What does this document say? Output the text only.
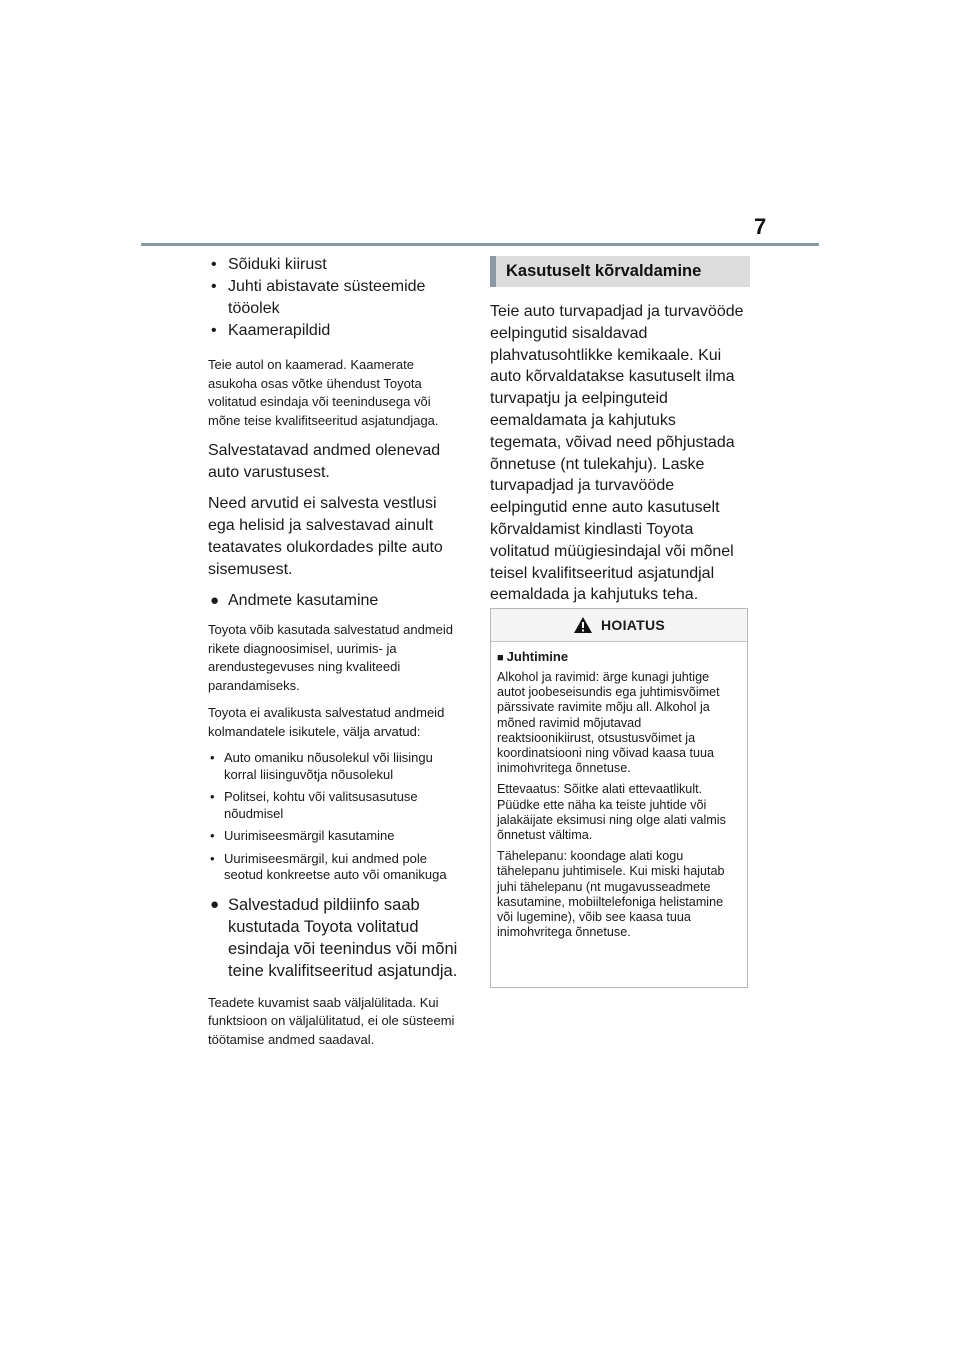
7
• Sõiduki kiirust
• Juhti abistavate süsteemide tööolek
• Kaamerapildid

Teie autol on kaamerad. Kaamerate asukoha osas võtke ühendust Toyota volitatud esindaja või teenindusega või mõne teise kvalifitseeritud asjatundjaga.

Salvestatavad andmed olenevad auto varustusest.

Need arvutid ei salvesta vestlusi ega helisid ja salvestavad ainult teatavates olukordades pilte auto sisemusest.

● Andmete kasutamine

Toyota võib kasutada salvestatud andmeid rikete diagnoosimisel, uurimis- ja arendustegevuses ning kvaliteedi parandamiseks.

Toyota ei avalikusta salvestatud andmeid kolmandatele isikutele, välja arvatud:

• Auto omaniku nõusolekul või liisingu korral liisinguvõtja nõusolekul
• Politsei, kohtu või valitsusasutuse nõudmisel
• Uurimiseesmärgil kasutamine
• Uurimiseesmärgil, kui andmed pole seotud konkreetse auto või omanikuga
● Salvestadud pildiinfo saab kustutada Toyota volitatud esindaja või teenindus või mõni teine kvalifitseeritud asjatundja.

Teadete kuvamist saab väljalülitada. Kui funktsioon on väljalülitatud, ei ole süsteemi töötamise andmed saadaval.

Kasutuselt kõrvaldamine

Teie auto turvapadjad ja turvavööde eelpingutid sisaldavad plahvatusohtlikke kemikaale. Kui auto kõrvaldatakse kasutuselt ilma turvapatju ja eelpinguteid eemaldamata ja kahjutuks tegemata, võivad need põhjustada õnnetuse (nt tulekahju). Laske turvapadjad ja turvavööde eelpingutid enne auto kasutuselt kõrvaldamist kindlasti Toyota volitatud müügiesindajal või mõnel teisel kvalifitseeritud asjatundjal eemaldada ja kahjutuks teha.

HOIATUS

■ Juhtimine

Alkohol ja ravimid: ärge kunagi juhtige autot joobeseisundis ega juhtimisvõimet pärssivate ravimite mõju all. Alkohol ja mõned ravimid mõjutavad reaktsioonikiirust, otsustusvõimet ja koordinatsiooni ning võivad kaasa tuua inimohvritega õnnetuse.

Ettevaatus: Sõitke alati ettevaatlikult. Püüdke ette näha ka teiste juhtide või jalakäijate eksimusi ning olge alati valmis õnnetust vältima.

Tähelepanu: koondage alati kogu tähelepanu juhtimisele. Kui miski hajutab juhi tähelepanu (nt mugavusseadmete kasutamine, mobiiltelefoniga helistamine või lugemine), võib see kaasa tuua inimohvritega õnnetuse.
